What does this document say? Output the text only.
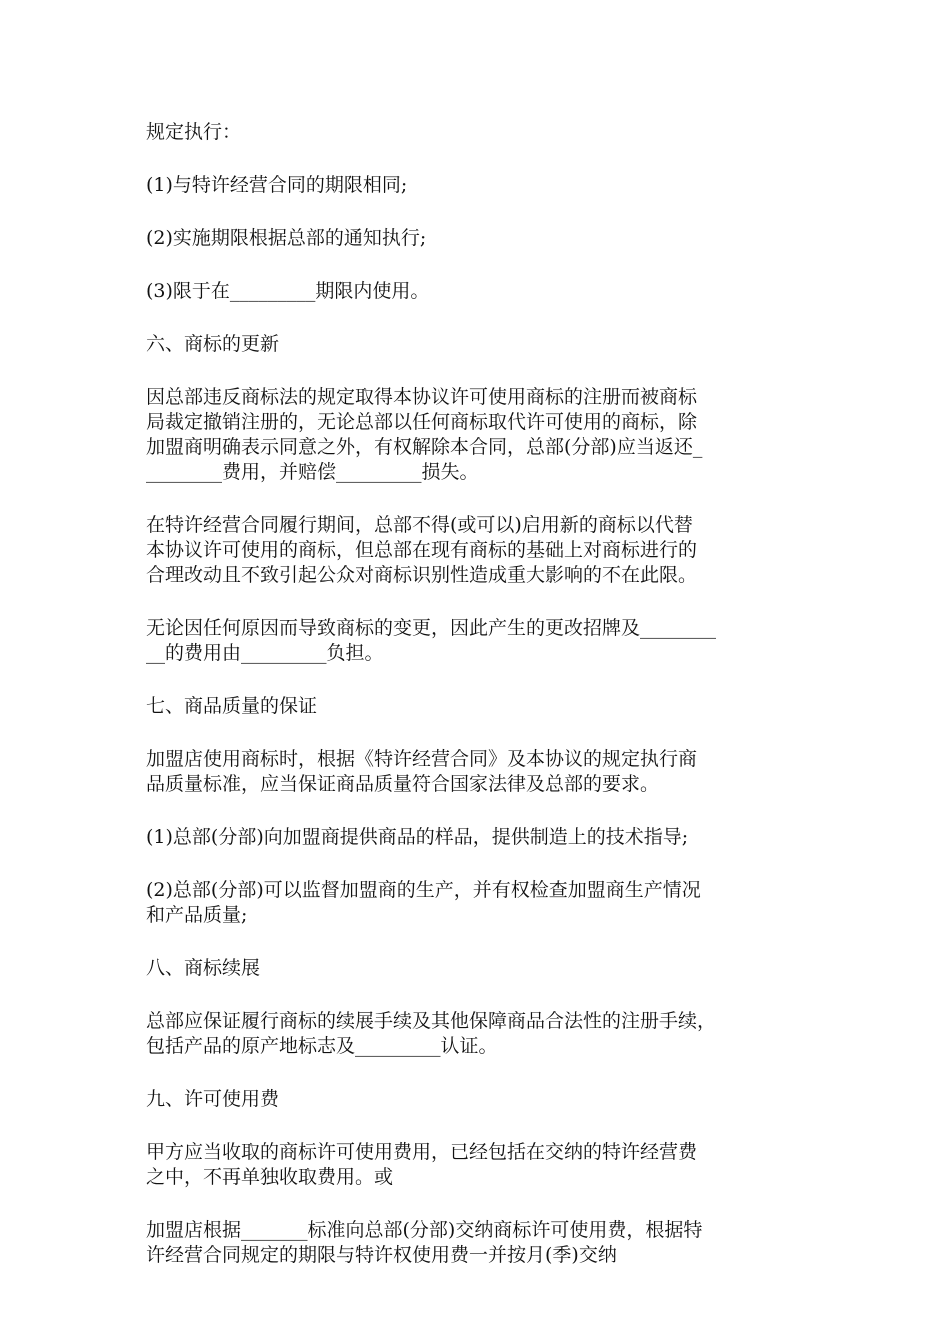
规定执行：
(1)与特许经营合同的期限相同;
(2)实施期限根据总部的通知执行;
(3)限于在_________期限内使用。
六、商标的更新
因总部违反商标法的规定取得本协议许可使用商标的注册而被商标
局裁定撤销注册的，无论总部以任何商标取代许可使用的商标，除
加盟商明确表示同意之外，有权解除本合同，总部(分部)应当返还_
________费用，并赔偿_________损失。
在特许经营合同履行期间，总部不得(或可以)启用新的商标以代替
本协议许可使用的商标，但总部在现有商标的基础上对商标进行的
合理改动且不致引起公众对商标识别性造成重大影响的不在此限。
无论因任何原因而导致商标的变更，因此产生的更改招牌及________
__的费用由_________负担。
七、商品质量的保证
加盟店使用商标时，根据《特许经营合同》及本协议的规定执行商
品质量标准，应当保证商品质量符合国家法律及总部的要求。
(1)总部(分部)向加盟商提供商品的样品，提供制造上的技术指导;
(2)总部(分部)可以监督加盟商的生产，并有权检查加盟商生产情况
和产品质量;
八、商标续展
总部应保证履行商标的续展手续及其他保障商品合法性的注册手续，
包括产品的原产地标志及_________认证。
九、许可使用费
甲方应当收取的商标许可使用费用，已经包括在交纳的特许经营费
之中，不再单独收取费用。或
加盟店根据_______标准向总部(分部)交纳商标许可使用费，根据特
许经营合同规定的期限与特许权使用费一并按月(季)交纳
